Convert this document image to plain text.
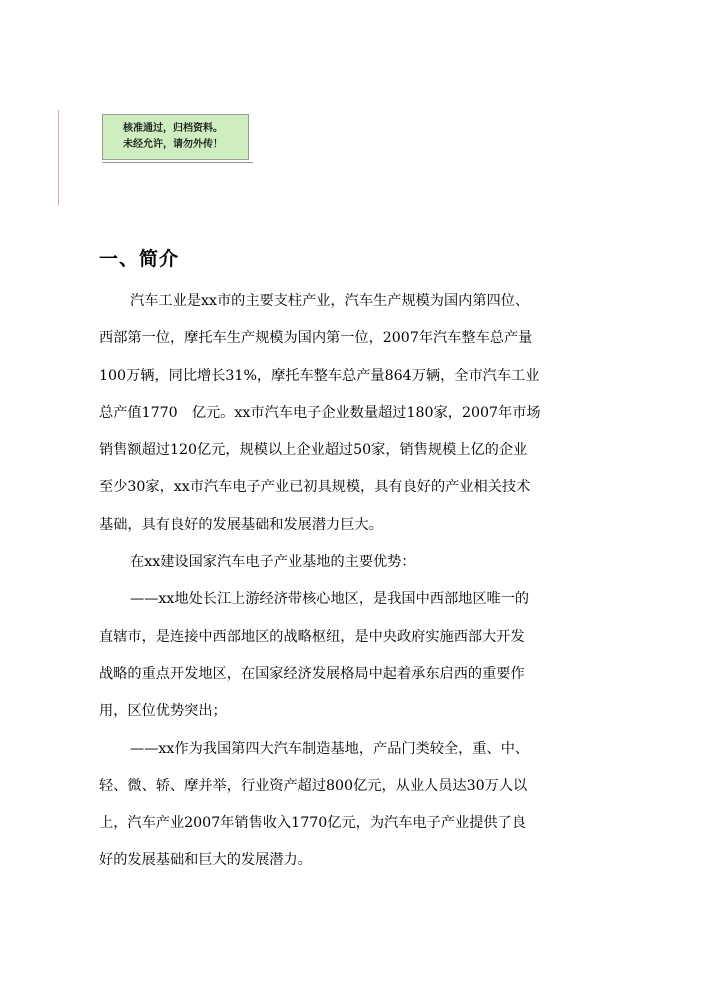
核准通过，归档资料。
未经允许，请勿外传！
一、简介

汽车工业是xx市的主要支柱产业，汽车生产规模为国内第四位、
西部第一位，摩托车生产规模为国内第一位，2007年汽车整车总产量
100万辆，同比增长31%，摩托车整车总产量864万辆，全市汽车工业
总产值1770　亿元。xx市汽车电子企业数量超过180家，2007年市场
销售额超过120亿元，规模以上企业超过50家，销售规模上亿的企业
至少30家，xx市汽车电子产业已初具规模，具有良好的产业相关技术
基础，具有良好的发展基础和发展潜力巨大。

在xx建设国家汽车电子产业基地的主要优势：

——xx地处长江上游经济带核心地区，是我国中西部地区唯一的
直辖市，是连接中西部地区的战略枢纽，是中央政府实施西部大开发
战略的重点开发地区，在国家经济发展格局中起着承东启西的重要作
用，区位优势突出；

——xx作为我国第四大汽车制造基地，产品门类较全，重、中、
轻、微、轿、摩并举，行业资产超过800亿元，从业人员达30万人以
上，汽车产业2007年销售收入1770亿元，为汽车电子产业提供了良
好的发展基础和巨大的发展潜力。
